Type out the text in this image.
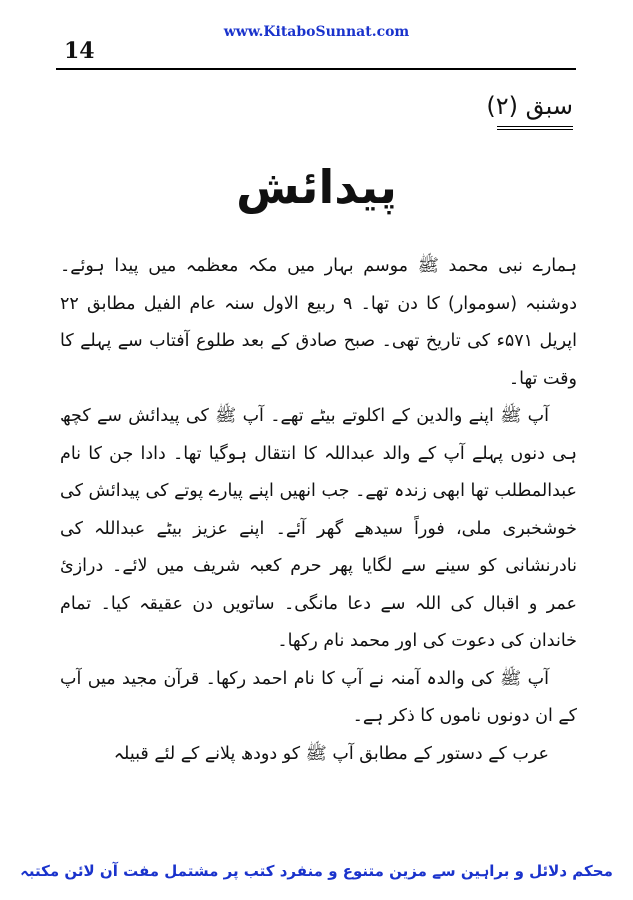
www.KitaboSunnat.com
14
سبق (۲)
پیدائش

ہمارے نبی محمد ﷺ موسم بہار میں مکہ معظمہ میں پیدا ہوئے۔ دوشنبہ (سوموار) کا دن تھا۔ ۹ ربیع الاول سنہ عام الفیل مطابق ۲۲ اپریل ۵۷۱ء کی تاریخ تھی۔ صبح صادق کے بعد طلوع آفتاب سے پہلے کا وقت تھا۔

آپ ﷺ اپنے والدین کے اکلوتے بیٹے تھے۔ آپ ﷺ کی پیدائش سے کچھ ہی دنوں پہلے آپ کے والد عبداللہ کا انتقال ہوگیا تھا۔ دادا جن کا نام عبدالمطلب تھا ابھی زندہ تھے۔ جب انھیں اپنے پیارے پوتے کی پیدائش کی خوشخبری ملی، فوراً سیدھے گھر آئے۔ اپنے عزیز بیٹے عبداللہ کی نادرنشانی کو سینے سے لگایا پھر حرم کعبہ شریف میں لائے۔ درازیٔ عمر و اقبال کی اللہ سے دعا مانگی۔ ساتویں دن عقیقہ کیا۔ تمام خاندان کی دعوت کی اور محمد نام رکھا۔

آپ ﷺ کی والدہ آمنہ نے آپ کا نام احمد رکھا۔ قرآن مجید میں آپ کے ان دونوں ناموں کا ذکر ہے۔

عرب کے دستور کے مطابق آپ ﷺ کو دودھ پلانے کے لئے قبیلہ

محکم دلائل و براہین سے مزین متنوع و منفرد کتب پر مشتمل مفت آن لائن مکتبہ
